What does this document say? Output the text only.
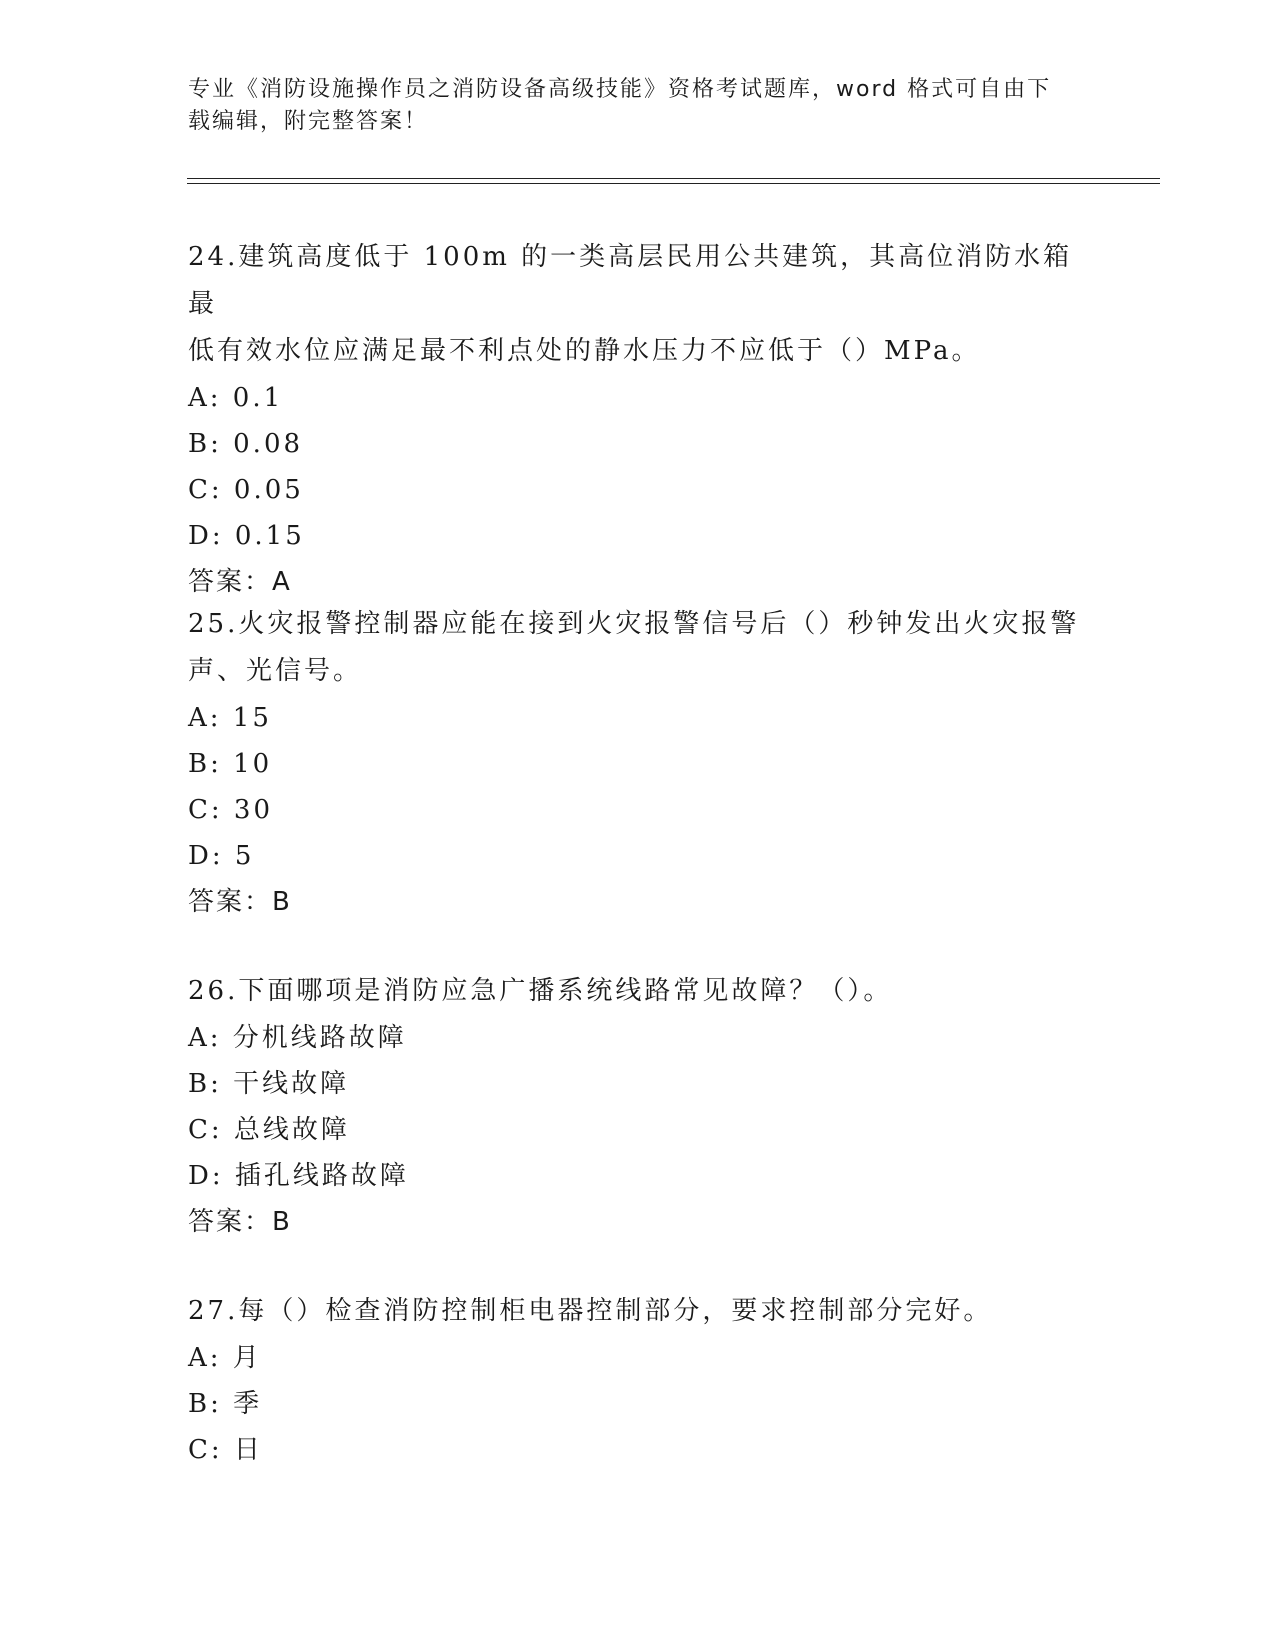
专业《消防设施操作员之消防设备高级技能》资格考试题库，word 格式可自由下
载编辑，附完整答案！

24.建筑高度低于 100m 的一类高层民用公共建筑，其高位消防水箱最

低有效水位应满足最不利点处的静水压力不应低于（）MPa。

A: 0.1

B: 0.08

C: 0.05

D: 0.15

答案：A

25.火灾报警控制器应能在接到火灾报警信号后（）秒钟发出火灾报警

声、光信号。

A: 15

B: 10

C: 30

D: 5

答案：B

26.下面哪项是消防应急广播系统线路常见故障？（）。

A: 分机线路故障

B: 干线故障

C: 总线故障

D: 插孔线路故障

答案：B

27.每（）检查消防控制柜电器控制部分，要求控制部分完好。

A: 月

B: 季

C: 日
